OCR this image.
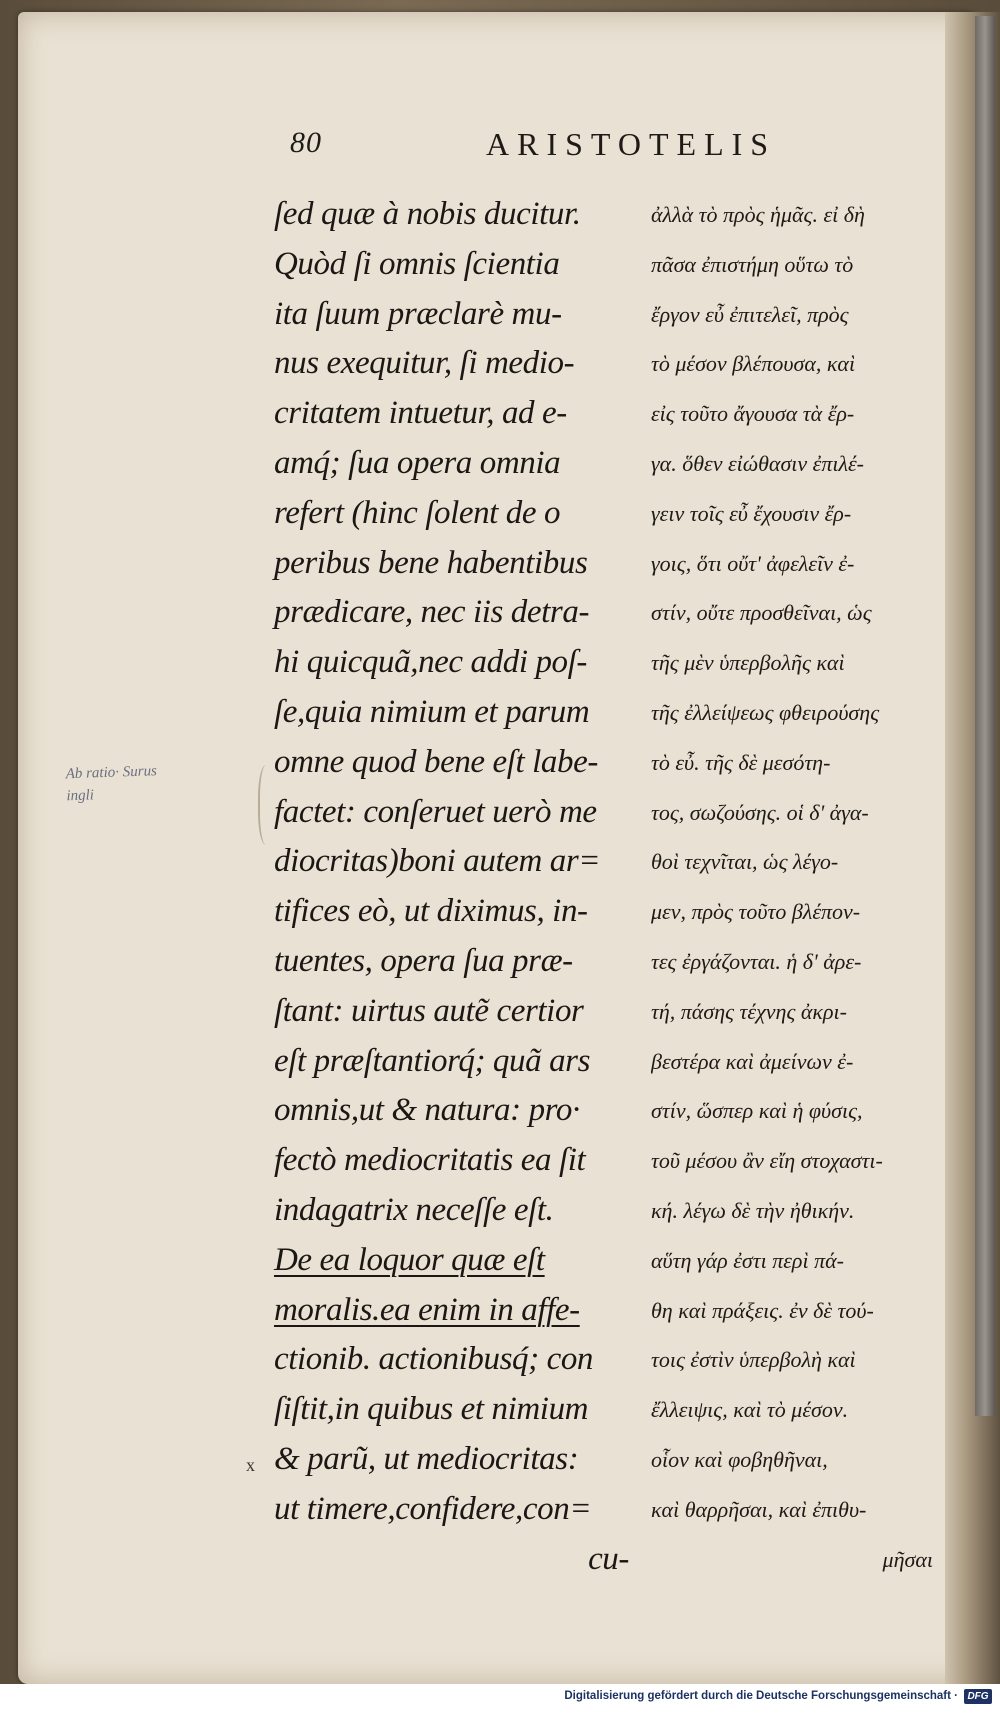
80	ARISTOTELIS
ſed quæ à nobis ducitur.
Quòd ſi omnis ſcientia
ita ſuum præclarè mu-
nus exequitur, ſi medio-
critatem intuetur, ad e-
amq́; ſua opera omnia
refert (hinc ſolent de o
peribus bene habentibus
prædicare, nec iis detra-
hi quicquã,nec addi poſ-
ſe,quia nimium et parum
omne quod bene eſt labe-
factet: conſeruet uerò me
diocritas)boni autem ar=
tifices eò, ut diximus, in-
tuentes, opera ſua præ-
ſtant: uirtus autẽ certior
eſt præſtantiorq́; quã ars
omnis,ut & natura: pro·
fectò mediocritatis ea ſit
indagatrix neceſſe eſt.
De ea loquor quæ eſt
moralis.ea enim in affe-
ctionib. actionibusq́; con
ſiſtit,in quibus et nimium
& parũ, ut mediocritas:
ut timere,confidere,con=
cu-
ἀλλὰ τὸ πρὸς ἡμᾶς. εἰ δὴ
πᾶσα ἐπιστήμη οὕτω τὸ
ἔργον εὖ ἐπιτελεῖ, πρὸς
τὸ μέσον βλέπουσα, καὶ
εἰς τοῦτο ἄγουσα τὰ ἔρ-
γα. ὅθεν εἰώθασιν ἐπιλέ-
γειν τοῖς εὖ ἔχουσιν ἔρ-
γοις, ὅτι οὔτ' ἀφελεῖν ἐ-
στίν, οὔτε προσθεῖναι, ὡς
τῆς μὲν ὑπερβολῆς καὶ
τῆς ἐλλείψεως φθειρούσης
τὸ εὖ. τῆς δὲ μεσότη-
τος, σωζούσης. οἱ δ' ἀγα-
θοὶ τεχνῖται, ὡς λέγο-
μεν, πρὸς τοῦτο βλέπον-
τες ἐργάζονται. ἡ δ' ἀρε-
τή, πάσης τέχνης ἀκρι-
βεστέρα καὶ ἀμείνων ἐ-
στίν, ὥσπερ καὶ ἡ φύσις,
τοῦ μέσου ἂν εἴη στοχαστι-
κή. λέγω δὲ τὴν ἠθικήν.
αὕτη γάρ ἐστι περὶ πά-
θη καὶ πράξεις. ἐν δὲ τού-
τοις ἐστὶν ὑπερβολὴ καὶ
ἔλλειψις, καὶ τὸ μέσον.
οἷον καὶ φοβηθῆναι,
καὶ θαρρῆσαι, καὶ ἐπιθυ-
μῆσαι
Ab ratio· Surus
ingli
x
Digitalisierung gefördert durch die Deutsche Forschungsgemeinschaft · DFG
